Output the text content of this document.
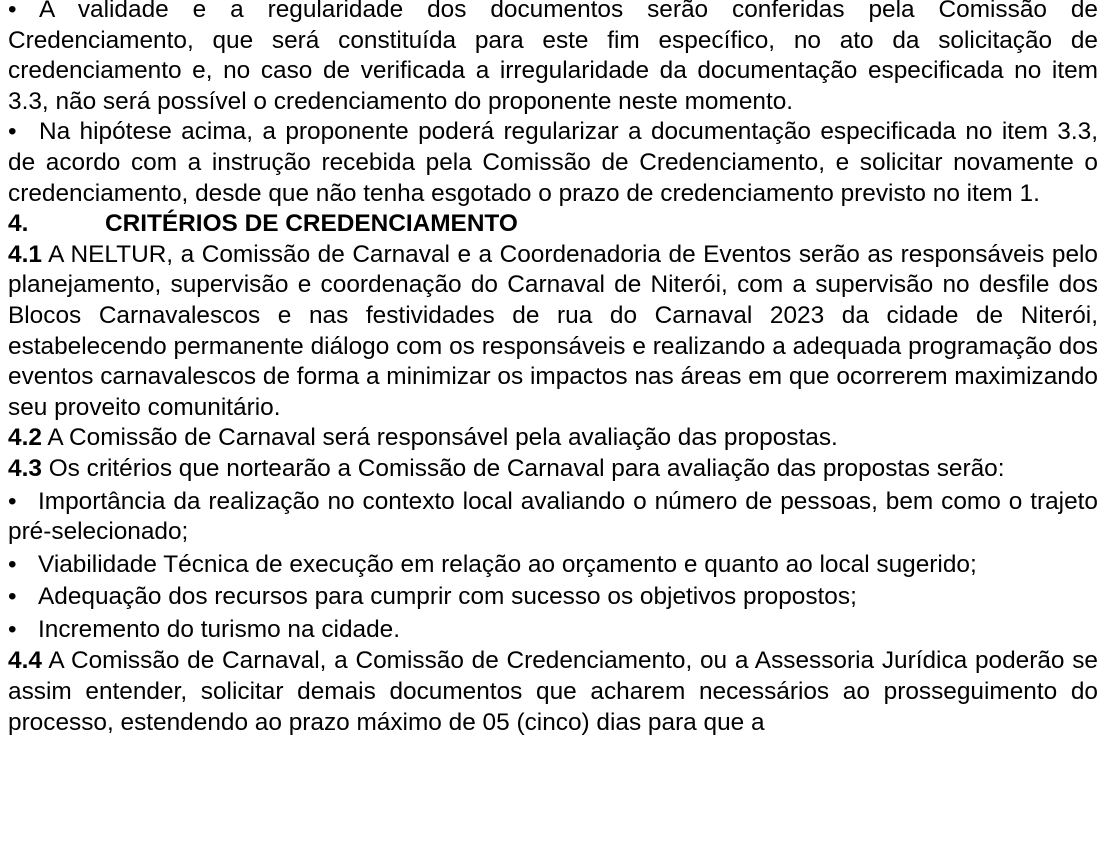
• A validade e a regularidade dos documentos serão conferidas pela Comissão de Credenciamento, que será constituída para este fim específico, no ato da solicitação de credenciamento e, no caso de verificada a irregularidade da documentação especificada no item 3.3, não será possível o credenciamento do proponente neste momento.

• Na hipótese acima, a proponente poderá regularizar a documentação especificada no item 3.3, de acordo com a instrução recebida pela Comissão de Credenciamento, e solicitar novamente o credenciamento, desde que não tenha esgotado o prazo de credenciamento previsto no item 1.

4.	CRITÉRIOS DE CREDENCIAMENTO

4.1 A NELTUR, a Comissão de Carnaval e a Coordenadoria de Eventos serão as responsáveis pelo planejamento, supervisão e coordenação do Carnaval de Niterói, com a supervisão no desfile dos Blocos Carnavalescos e nas festividades de rua do Carnaval 2023 da cidade de Niterói, estabelecendo permanente diálogo com os responsáveis e realizando a adequada programação dos eventos carnavalescos de forma a minimizar os impactos nas áreas em que ocorrerem maximizando seu proveito comunitário.

4.2 A Comissão de Carnaval será responsável pela avaliação das propostas.

4.3 Os critérios que nortearão a Comissão de Carnaval para avaliação das propostas serão:

• Importância da realização no contexto local avaliando o número de pessoas, bem como o trajeto pré-selecionado;

• Viabilidade Técnica de execução em relação ao orçamento e quanto ao local sugerido;

• Adequação dos recursos para cumprir com sucesso os objetivos propostos;

• Incremento do turismo na cidade.

4.4 A Comissão de Carnaval, a Comissão de Credenciamento, ou a Assessoria Jurídica poderão se assim entender, solicitar demais documentos que acharem necessários ao prosseguimento do processo, estendendo ao prazo máximo de 05 (cinco) dias para que a
